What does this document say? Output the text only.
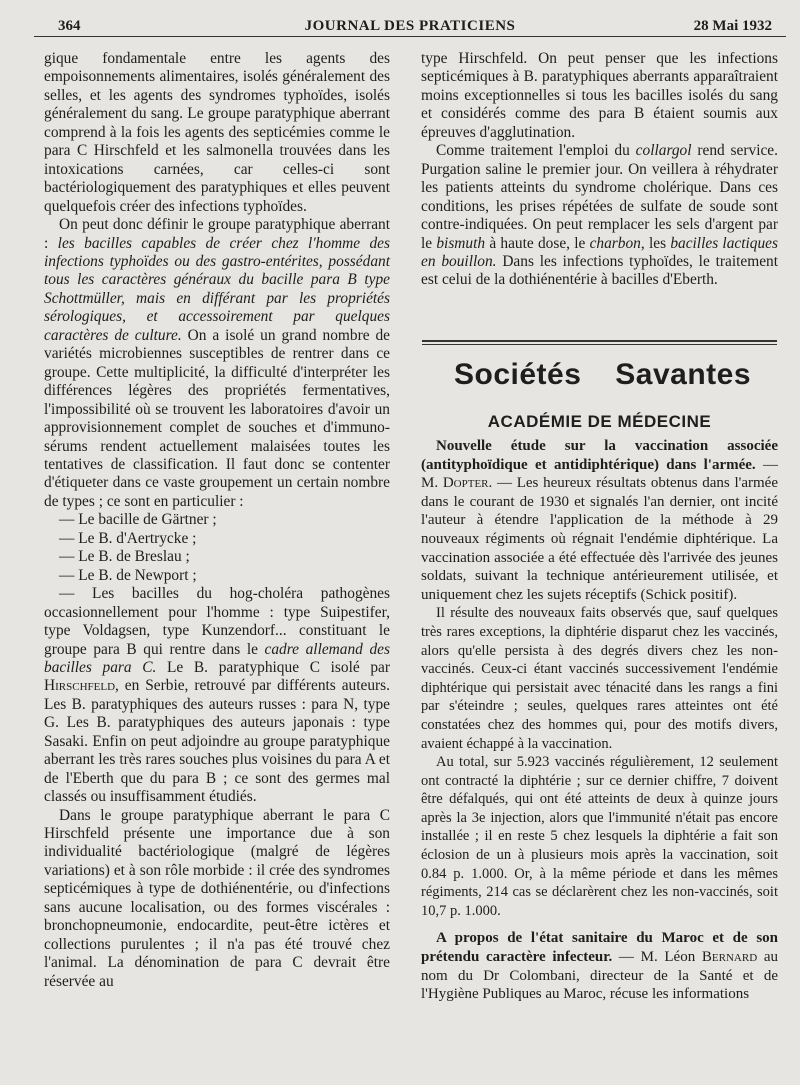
364	JOURNAL DES PRATICIENS	28 Mai 1932

gique fondamentale entre les agents des empoisonnements alimentaires, isolés généralement des selles, et les agents des syndromes typhoïdes, isolés généralement du sang. Le groupe paratyphique aberrant comprend à la fois les agents des septicémies comme le para C Hirschfeld et les salmonella trouvées dans les intoxications carnées, car celles-ci sont bactériologiquement des paratyphiques et elles peuvent quelquefois créer des infections typhoïdes.

On peut donc définir le groupe paratyphique aberrant : les bacilles capables de créer chez l'homme des infections typhoïdes ou des gastro-entérites, possédant tous les caractères généraux du bacille para B type Schottmüller, mais en différant par les propriétés sérologiques, et accessoirement par quelques caractères de culture. On a isolé un grand nombre de variétés microbiennes susceptibles de rentrer dans ce groupe. Cette multiplicité, la difficulté d'interpréter les différences légères des propriétés fermentatives, l'impossibilité où se trouvent les laboratoires d'avoir un approvisionnement complet de souches et d'immuno-sérums rendent actuellement malaisées toutes les tentatives de classification. Il faut donc se contenter d'étiqueter dans ce vaste groupement un certain nombre de types ; ce sont en particulier :

— Le bacille de Gärtner ;

— Le B. d'Aertrycke ;

— Le B. de Breslau ;

— Le B. de Newport ;

— Les bacilles du hog-choléra pathogènes occasionnellement pour l'homme : type Suipestifer, type Voldagsen, type Kunzendorf... constituant le groupe para B qui rentre dans le cadre allemand des bacilles para C. Le B. paratyphique C isolé par Hirschfeld, en Serbie, retrouvé par différents auteurs. Les B. paratyphiques des auteurs russes : para N, type G. Les B. paratyphiques des auteurs japonais : type Sasaki. Enfin on peut adjoindre au groupe paratyphique aberrant les très rares souches plus voisines du para A et de l'Eberth que du para B ; ce sont des germes mal classés ou insuffisamment étudiés.

Dans le groupe paratyphique aberrant le para C Hirschfeld présente une importance due à son individualité bactériologique (malgré de légères variations) et à son rôle morbide : il crée des syndromes septicémiques à type de dothiénentérie, ou d'infections sans aucune localisation, ou des formes viscérales : bronchopneumonie, endocardite, peut-être ictères et collections purulentes ; il n'a pas été trouvé chez l'animal. La dénomination de para C devrait être réservée au

type Hirschfeld. On peut penser que les infections septicémiques à B. paratyphiques aberrants apparaîtraient moins exceptionnelles si tous les bacilles isolés du sang et considérés comme des para B étaient soumis aux épreuves d'agglutination.

Comme traitement l'emploi du collargol rend service. Purgation saline le premier jour. On veillera à réhydrater les patients atteints du syndrome cholérique. Dans ces conditions, les prises répétées de sulfate de soude sont contre-indiquées. On peut remplacer les sels d'argent par le bismuth à haute dose, le charbon, les bacilles lactiques en bouillon. Dans les infections typhoïdes, le traitement est celui de la dothiénentérie à bacilles d'Eberth.

Sociétés Savantes
ACADÉMIE DE MÉDECINE

Nouvelle étude sur la vaccination associée (antityphoïdique et antidiphtérique) dans l'armée. — M. Dopter. — Les heureux résultats obtenus dans l'armée dans le courant de 1930 et signalés l'an dernier, ont incité l'auteur à étendre l'application de la méthode à 29 nouveaux régiments où régnait l'endémie diphtérique. La vaccination associée a été effectuée dès l'arrivée des jeunes soldats, suivant la technique antérieurement utilisée, et uniquement chez les sujets réceptifs (Schick positif).

Il résulte des nouveaux faits observés que, sauf quelques très rares exceptions, la diphtérie disparut chez les vaccinés, alors qu'elle persista à des degrés divers chez les non-vaccinés. Ceux-ci étant vaccinés successivement l'endémie diphtérique qui persistait avec ténacité dans les rangs a fini par s'éteindre ; seules, quelques rares atteintes ont été constatées chez des hommes qui, pour des motifs divers, avaient échappé à la vaccination.

Au total, sur 5.923 vaccinés régulièrement, 12 seulement ont contracté la diphtérie ; sur ce dernier chiffre, 7 doivent être défalqués, qui ont été atteints de deux à quinze jours après la 3e injection, alors que l'immunité n'était pas encore installée ; il en reste 5 chez lesquels la diphtérie a fait son éclosion de un à plusieurs mois après la vaccination, soit 0.84 p. 1.000. Or, à la même période et dans les mêmes régiments, 214 cas se déclarèrent chez les non-vaccinés, soit 10,7 p. 1.000.

A propos de l'état sanitaire du Maroc et de son prétendu caractère infecteur. — M. Léon Bernard au nom du Dr Colombani, directeur de la Santé et de l'Hygiène Publiques au Maroc, récuse les informations
